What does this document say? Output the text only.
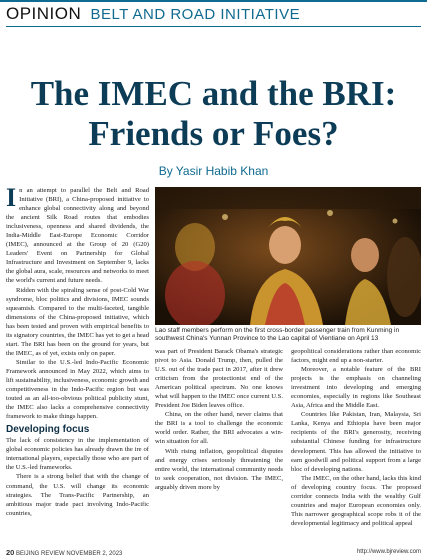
OPINION BELT AND ROAD INITIATIVE
The IMEC and the BRI:
Friends or Foes?
By Yasir Habib Khan

In an attempt to parallel the Belt and Road Initiative (BRI), a China-proposed initiative to enhance global connectivity along and beyond the ancient Silk Road routes that embodies inclusiveness, openness and shared dividends, the India-Middle East-Europe Economic Corridor (IMEC), announced at the Group of 20 (G20) Leaders' Event on Partnership for Global Infrastructure and Investment on September 9, lacks the global aura, scale, resources and networks to meet the world's current and future needs.

Ridden with the spiraling sense of post-Cold War syndrome, bloc politics and divisions, IMEC sounds squeamish. Compared to the multi-faceted, tangible dimensions of the China-proposed initiative, which has been tested and proven with empirical benefits to its signatory countries, the IMEC has yet to get a head start. The BRI has been on the ground for years, but the IMEC, as of yet, exists only on paper.

Similar to the U.S.-led Indo-Pacific Economic Framework announced in May 2022, which aims to lift sustainability, inclusiveness, economic growth and competitiveness in the Indo-Pacific region but was touted as an all-too-obvious political publicity stunt, the IMEC also lacks a comprehensive connectivity framework to make things happen.

Developing focus

The lack of consistency in the implementation of global economic policies has already drawn the ire of international players, especially those who are part of the U.S.-led frameworks.

There is a strong belief that with the change of command, the U.S. will change its economic strategies. The Trans-Pacific Partnership, an ambitious major trade pact involving Indo-Pacific countries,

Lao staff members perform on the first cross-border passenger train from Kunming in southwest China's Yunnan Province to the Lao capital of Vientiane on April 13

was part of President Barack Obama's strategic pivot to Asia. Donald Trump, then, pulled the U.S. out of the trade pact in 2017, after it drew criticism from the protectionist end of the American political spectrum. No one knows what will happen to the IMEC once current U.S. President Joe Biden leaves office.

China, on the other hand, never claims that the BRI is a tool to challenge the economic world order. Rather, the BRI advocates a win-win situation for all.

With rising inflation, geopolitical disputes and energy crises seriously threatening the entire world, the international community needs to seek cooperation, not division. The IMEC, arguably driven more by

geopolitical considerations rather than economic factors, might end up a non-starter.

Moreover, a notable feature of the BRI projects is the emphasis on channeling investment into developing and emerging economies, especially in regions like Southeast Asia, Africa and the Middle East.

Countries like Pakistan, Iran, Malaysia, Sri Lanka, Kenya and Ethiopia have been major recipients of the BRI's generosity, receiving substantial Chinese funding for infrastructure development. This has allowed the initiative to earn goodwill and political support from a large bloc of developing nations.

The IMEC, on the other hand, lacks this kind of developing country focus. The proposed corridor connects India with the wealthy Gulf countries and major European economies only. This narrower geographical scope robs it of the developmental legitimacy and political appeal

20 BEIJING REVIEW NOVEMBER 2, 2023	http://www.bjreview.com
